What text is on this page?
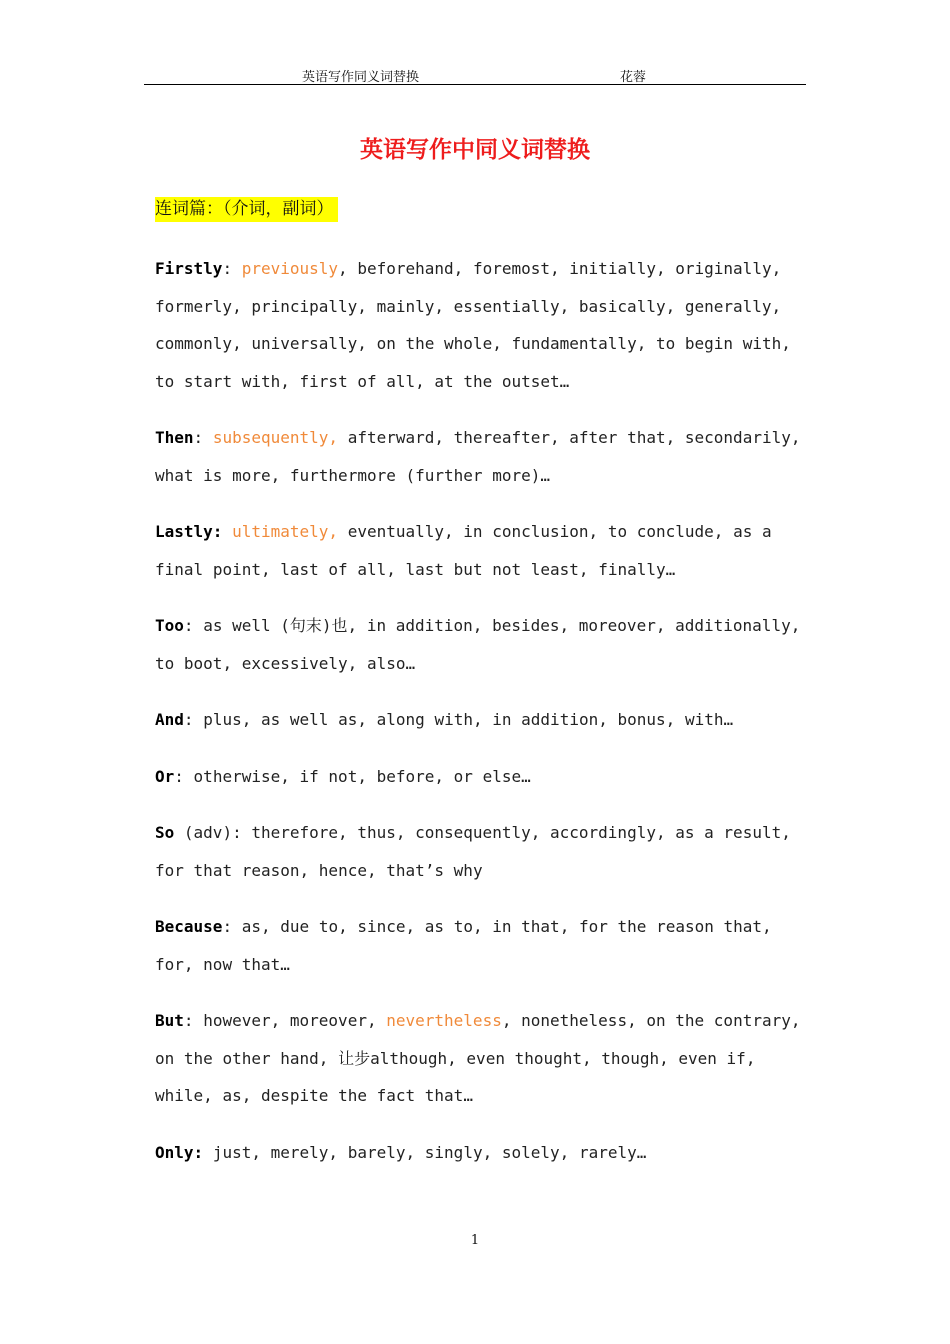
英语写作同义词替换	花蓉
英语写作中同义词替换
连词篇：（介词，副词）
Firstly: previously, beforehand, foremost, initially, originally, formerly, principally, mainly, essentially, basically, generally, commonly, universally, on the whole, fundamentally, to begin with, to start with, first of all, at the outset…
Then: subsequently, afterward, thereafter, after that, secondarily, what is more, furthermore (further more)…
Lastly: ultimately, eventually, in conclusion, to conclude, as a final point, last of all, last but not least, finally…
Too: as well (句末)也, in addition, besides, moreover, additionally, to boot, excessively, also…
And: plus, as well as, along with, in addition, bonus, with…
Or: otherwise, if not, before, or else…
So (adv): therefore, thus, consequently, accordingly, as a result, for that reason, hence, that’s why
Because: as, due to, since, as to, in that, for the reason that, for, now that…
But: however, moreover, nevertheless, nonetheless, on the contrary, on the other hand, 让步although, even thought, though, even if, while, as, despite the fact that…
Only: just, merely, barely, singly, solely, rarely…
1
